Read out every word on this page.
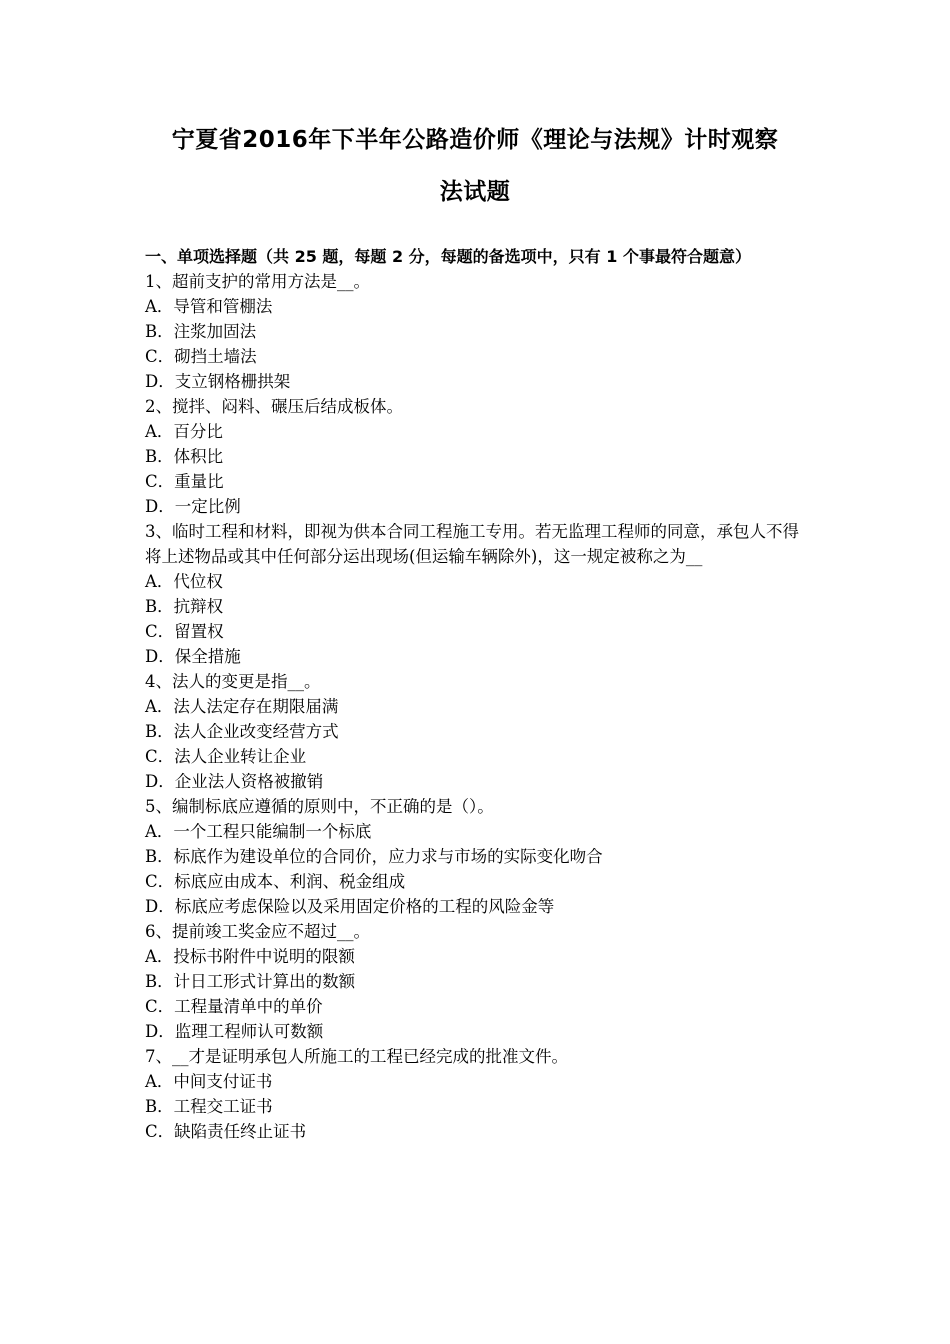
宁夏省2016年下半年公路造价师《理论与法规》计时观察
法试题

一、单项选择题（共 25 题，每题 2 分，每题的备选项中，只有 1 个事最符合题意）

1、超前支护的常用方法是__。

A．导管和管棚法

B．注浆加固法

C．砌挡土墙法

D．支立钢格栅拱架

2、搅拌、闷料、碾压后结成板体。

A．百分比

B．体积比

C．重量比

D．一定比例

3、临时工程和材料，即视为供本合同工程施工专用。若无监理工程师的同意，承包人不得将上述物品或其中任何部分运出现场(但运输车辆除外)，这一规定被称之为__

A．代位权

B．抗辩权

C．留置权

D．保全措施

4、法人的变更是指__。

A．法人法定存在期限届满

B．法人企业改变经营方式

C．法人企业转让企业

D．企业法人资格被撤销

5、编制标底应遵循的原则中，不正确的是（）。

A．一个工程只能编制一个标底

B．标底作为建设单位的合同价，应力求与市场的实际变化吻合

C．标底应由成本、利润、税金组成

D．标底应考虑保险以及采用固定价格的工程的风险金等

6、提前竣工奖金应不超过__。

A．投标书附件中说明的限额

B．计日工形式计算出的数额

C．工程量清单中的单价

D．监理工程师认可数额

7、__才是证明承包人所施工的工程已经完成的批准文件。

A．中间支付证书

B．工程交工证书

C．缺陷责任终止证书
